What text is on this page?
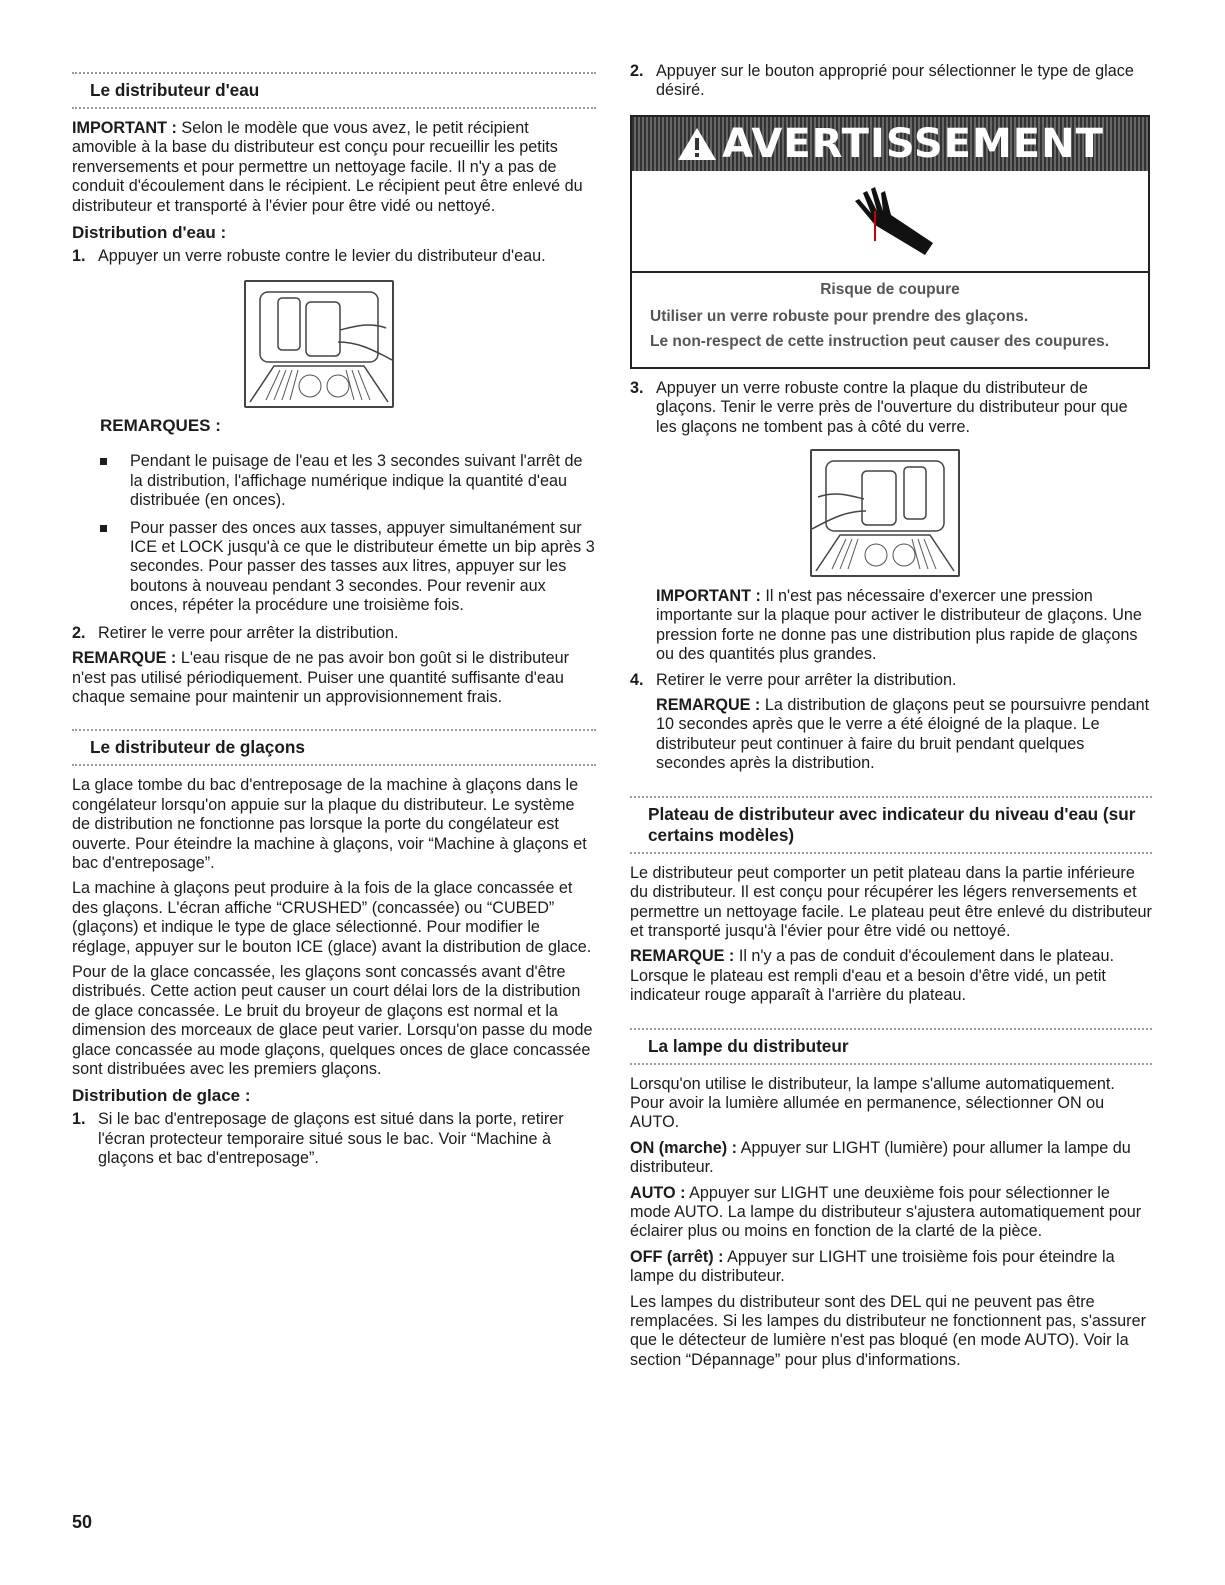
Le distributeur d'eau

IMPORTANT : Selon le modèle que vous avez, le petit récipient amovible à la base du distributeur est conçu pour recueillir les petits renversements et pour permettre un nettoyage facile. Il n'y a pas de conduit d'écoulement dans le récipient. Le récipient peut être enlevé du distributeur et transporté à l'évier pour être vidé ou nettoyé.

Distribution d'eau :
1. Appuyer un verre robuste contre le levier du distributeur d'eau.
REMARQUES :
Pendant le puisage de l'eau et les 3 secondes suivant l'arrêt de la distribution, l'affichage numérique indique la quantité d'eau distribuée (en onces).
Pour passer des onces aux tasses, appuyer simultanément sur ICE et LOCK jusqu'à ce que le distributeur émette un bip après 3 secondes. Pour passer des tasses aux litres, appuyer sur les boutons à nouveau pendant 3 secondes. Pour revenir aux onces, répéter la procédure une troisième fois.
2. Retirer le verre pour arrêter la distribution.

REMARQUE : L'eau risque de ne pas avoir bon goût si le distributeur n'est pas utilisé périodiquement. Puiser une quantité suffisante d'eau chaque semaine pour maintenir un approvisionnement frais.

Le distributeur de glaçons

La glace tombe du bac d'entreposage de la machine à glaçons dans le congélateur lorsqu'on appuie sur la plaque du distributeur. Le système de distribution ne fonctionne pas lorsque la porte du congélateur est ouverte. Pour éteindre la machine à glaçons, voir “Machine à glaçons et bac d'entreposage”.

La machine à glaçons peut produire à la fois de la glace concassée et des glaçons. L'écran affiche “CRUSHED” (concassée) ou “CUBED” (glaçons) et indique le type de glace sélectionné. Pour modifier le réglage, appuyer sur le bouton ICE (glace) avant la distribution de glace.

Pour de la glace concassée, les glaçons sont concassés avant d'être distribués. Cette action peut causer un court délai lors de la distribution de glace concassée. Le bruit du broyeur de glaçons est normal et la dimension des morceaux de glace peut varier. Lorsqu'on passe du mode glace concassée au mode glaçons, quelques onces de glace concassée sont distribuées avec les premiers glaçons.

Distribution de glace :
1. Si le bac d'entreposage de glaçons est situé dans la porte, retirer l'écran protecteur temporaire situé sous le bac. Voir “Machine à glaçons et bac d'entreposage”.
2. Appuyer sur le bouton approprié pour sélectionner le type de glace désiré.
AVERTISSEMENT
Risque de coupure
Utiliser un verre robuste pour prendre des glaçons.
Le non-respect de cette instruction peut causer des coupures.
3. Appuyer un verre robuste contre la plaque du distributeur de glaçons. Tenir le verre près de l'ouverture du distributeur pour que les glaçons ne tombent pas à côté du verre.

IMPORTANT : Il n'est pas nécessaire d'exercer une pression importante sur la plaque pour activer le distributeur de glaçons. Une pression forte ne donne pas une distribution plus rapide de glaçons ou des quantités plus grandes.

4. Retirer le verre pour arrêter la distribution.

REMARQUE : La distribution de glaçons peut se poursuivre pendant 10 secondes après que le verre a été éloigné de la plaque. Le distributeur peut continuer à faire du bruit pendant quelques secondes après la distribution.

Plateau de distributeur avec indicateur du niveau d'eau (sur certains modèles)

Le distributeur peut comporter un petit plateau dans la partie inférieure du distributeur. Il est conçu pour récupérer les légers renversements et permettre un nettoyage facile. Le plateau peut être enlevé du distributeur et transporté jusqu'à l'évier pour être vidé ou nettoyé.

REMARQUE : Il n'y a pas de conduit d'écoulement dans le plateau. Lorsque le plateau est rempli d'eau et a besoin d'être vidé, un petit indicateur rouge apparaît à l'arrière du plateau.

La lampe du distributeur

Lorsqu'on utilise le distributeur, la lampe s'allume automatiquement. Pour avoir la lumière allumée en permanence, sélectionner ON ou AUTO.

ON (marche) : Appuyer sur LIGHT (lumière) pour allumer la lampe du distributeur.

AUTO : Appuyer sur LIGHT une deuxième fois pour sélectionner le mode AUTO. La lampe du distributeur s'ajustera automatiquement pour éclairer plus ou moins en fonction de la clarté de la pièce.

OFF (arrêt) : Appuyer sur LIGHT une troisième fois pour éteindre la lampe du distributeur.

Les lampes du distributeur sont des DEL qui ne peuvent pas être remplacées. Si les lampes du distributeur ne fonctionnent pas, s'assurer que le détecteur de lumière n'est pas bloqué (en mode AUTO). Voir la section “Dépannage” pour plus d'informations.

50
